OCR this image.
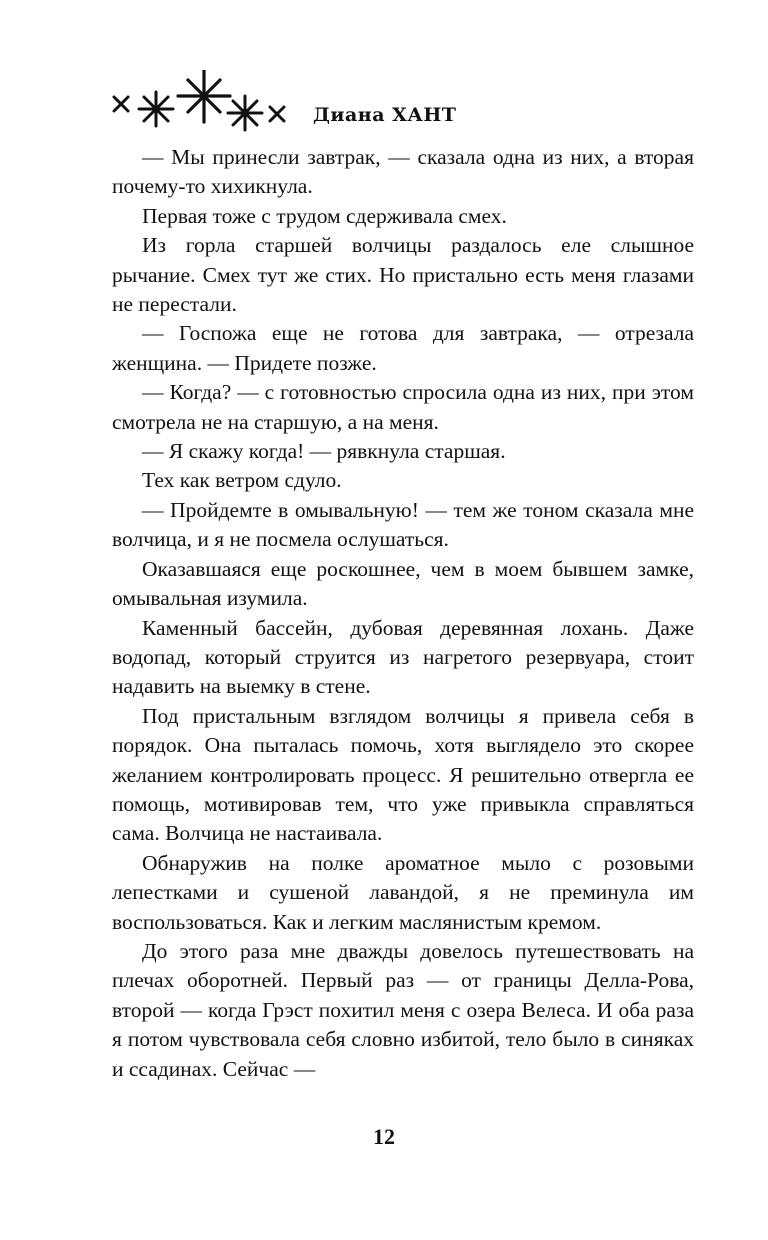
Диана ХАНТ

— Мы принесли завтрак, — сказала одна из них, а вторая почему-то хихикнула.

Первая тоже с трудом сдерживала смех.

Из горла старшей волчицы раздалось еле слышное рычание. Смех тут же стих. Но пристально есть меня глазами не перестали.

— Госпожа еще не готова для завтрака, — отрезала женщина. — Придете позже.

— Когда? — с готовностью спросила одна из них, при этом смотрела не на старшую, а на меня.

— Я скажу когда! — рявкнула старшая.

Тех как ветром сдуло.

— Пройдемте в омывальную! — тем же тоном сказала мне волчица, и я не посмела ослушаться.

Оказавшаяся еще роскошнее, чем в моем бывшем замке, омывальная изумила.

Каменный бассейн, дубовая деревянная лохань. Даже водопад, который струится из нагретого резервуара, стоит надавить на выемку в стене.

Под пристальным взглядом волчицы я привела себя в порядок. Она пыталась помочь, хотя выглядело это скорее желанием контролировать процесс. Я решительно отвергла ее помощь, мотивировав тем, что уже привыкла справляться сама. Волчица не настаивала.

Обнаружив на полке ароматное мыло с розовыми лепестками и сушеной лавандой, я не преминула им воспользоваться. Как и легким маслянистым кремом.

До этого раза мне дважды довелось путешествовать на плечах оборотней. Первый раз — от границы Делла-Рова, второй — когда Грэст похитил меня с озера Велеса. И оба раза я потом чувствовала себя словно избитой, тело было в синяках и ссадинах. Сейчас —

12
